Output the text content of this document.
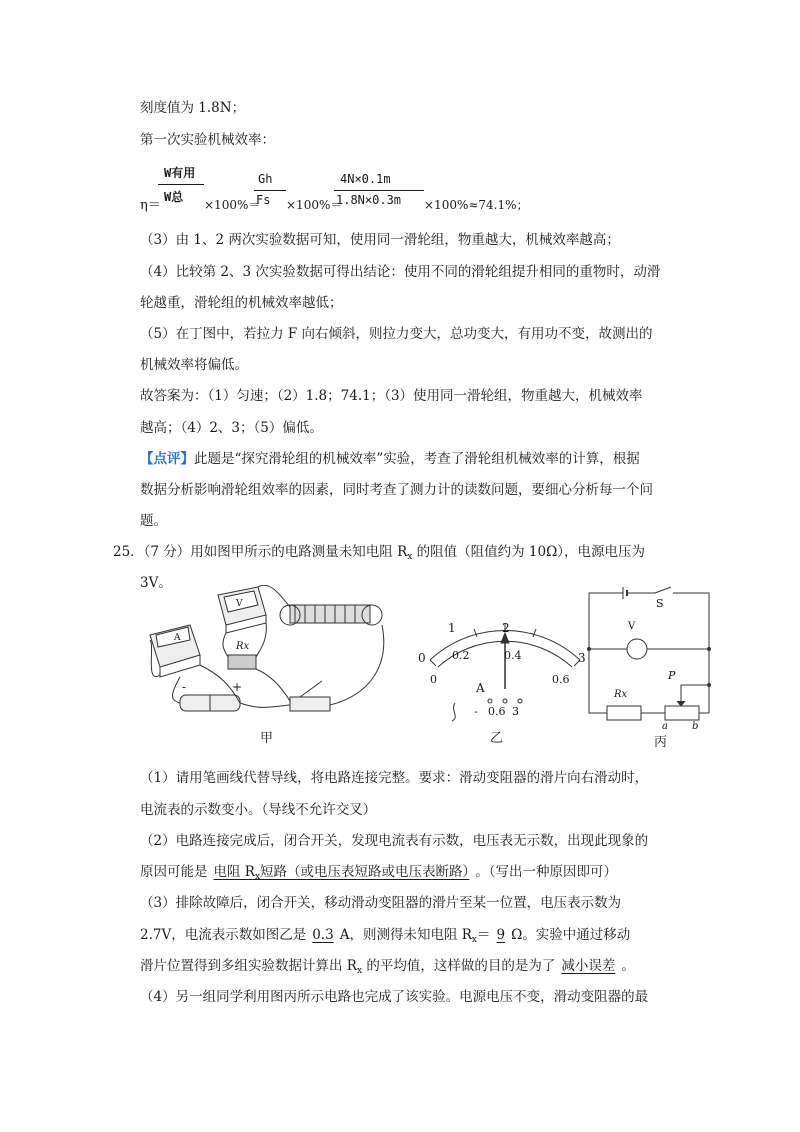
刻度值为 1.8N；
第一次实验机械效率：
W有用
η＝
W总
×100%＝
Gh
Fs ×100%＝
4N×0.1m
1.8N×0.3m ×100%≈74.1%；
（3）由 1、2 两次实验数据可知，使用同一滑轮组，物重越大，机械效率越高；
（4）比较第 2、3 次实验数据可得出结论：使用不同的滑轮组提升相同的重物时，动滑
轮越重，滑轮组的机械效率越低；
（5）在丁图中，若拉力 F 向右倾斜，则拉力变大，总功变大，有用功不变，故测出的
机械效率将偏低。
故答案为：（1）匀速；（2）1.8；74.1；（3）使用同一滑轮组，物重越大，机械效率
越高；（4）2、3；（5）偏低。
【点评】此题是“探究滑轮组的机械效率”实验，考查了滑轮组机械效率的计算，根据
数据分析影响滑轮组效率的因素，同时考查了测力计的读数问题，要细心分析每一个问
题。
25．（7 分）用如图甲所示的电路测量未知电阻 $R_x$ 的阻值（阻值约为 10Ω），电源电压为
3V。
甲
A
V
Rx
-	+
0
1	2
3
0
0.2	0.4
0.6
A
- 0.6 3
乙
V
S
Rx
P
a b
丙
（1）请用笔画线代替导线，将电路连接完整。要求：滑动变阻器的滑片向右滑动时，
电流表的示数变小。（导线不允许交叉）
（2）电路连接完成后，闭合开关，发现电流表有示数，电压表无示数，出现此现象的
原因可能是 电阻 $R_x$短路（或电压表短路或电压表断路） 。（写出一种原因即可）
（3）排除故障后，闭合开关，移动滑动变阻器的滑片至某一位置，电压表示数为
2.7V，电流表示数如图乙是 0.3 A，则测得未知电阻 $R_x= 9$ Ω。实验中通过移动
滑片位置得到多组实验数据计算出 $R_x$ 的平均值，这样做的目的是为了 减小误差 。
（4）另一组同学利用图丙所示电路也完成了该实验。电源电压不变，滑动变阻器的最
